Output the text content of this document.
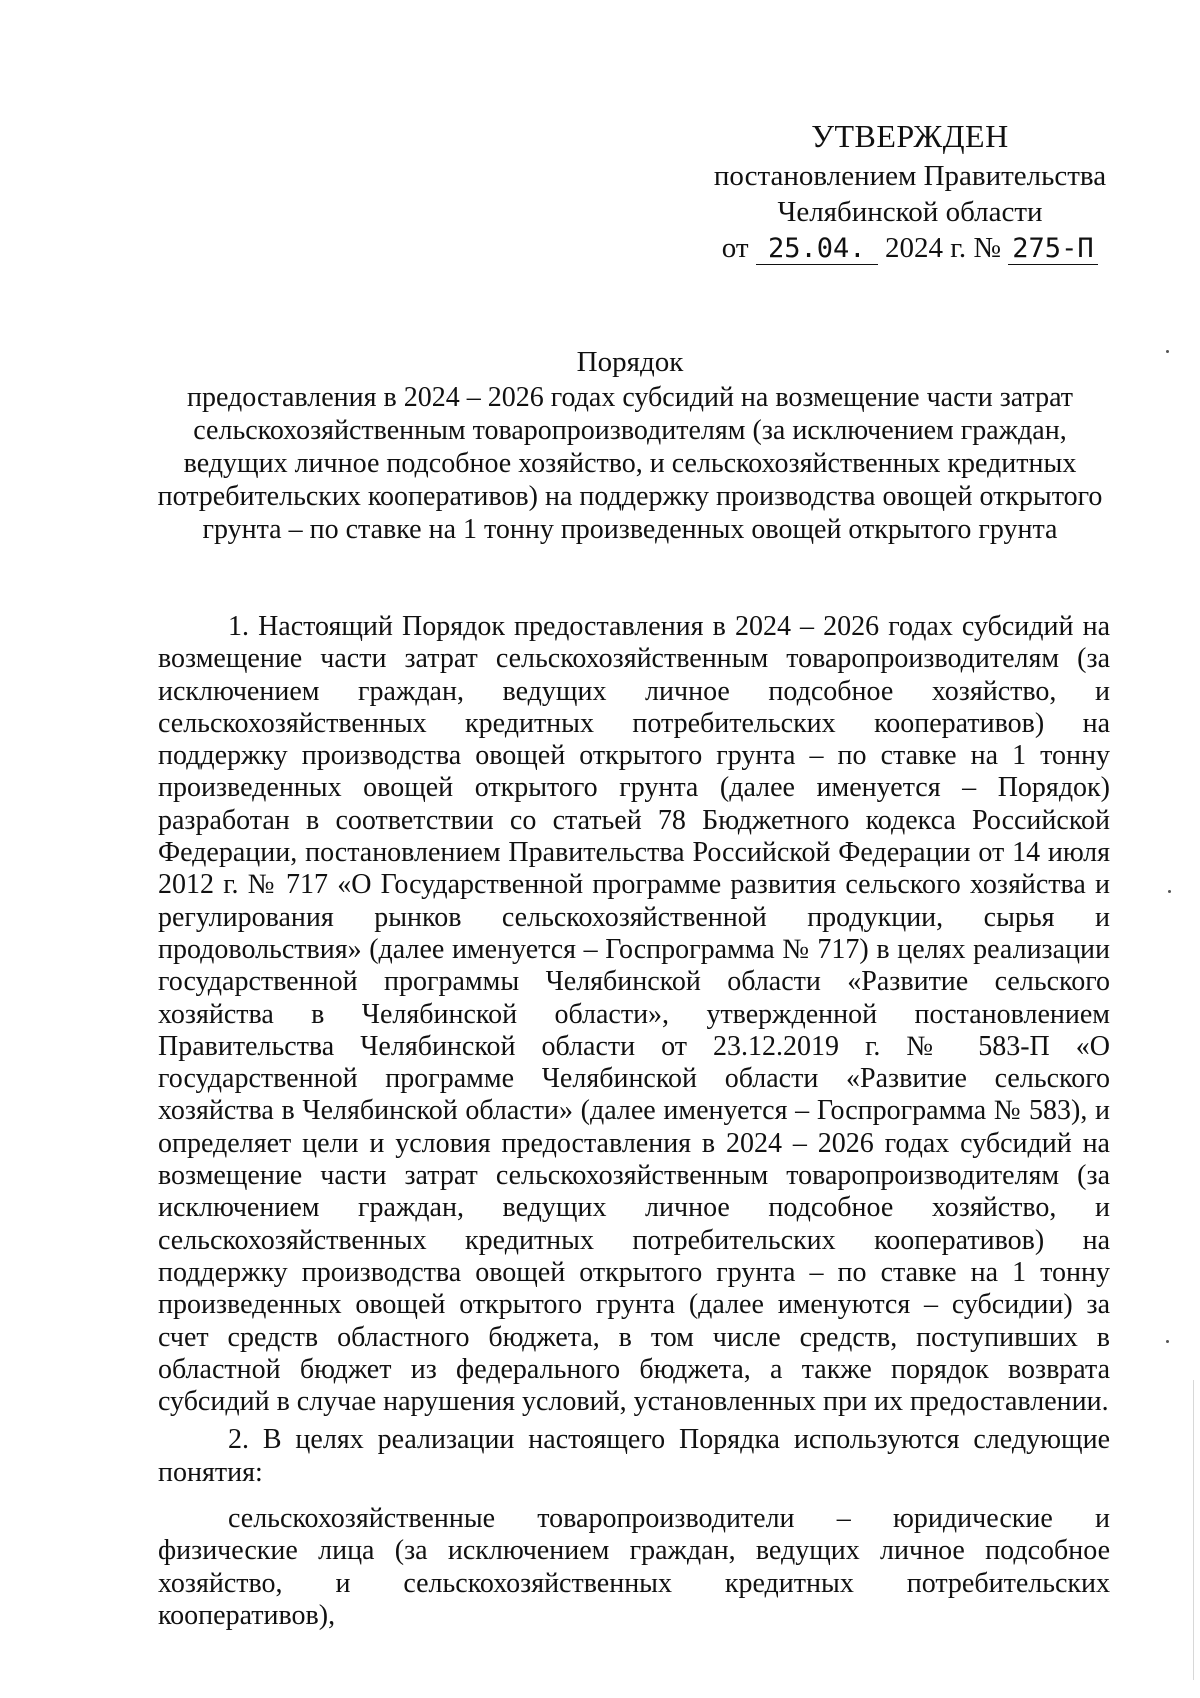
УТВЕРЖДЕН
постановлением Правительства
Челябинской области
от 25.04. 2024 г. № 275-П
Порядок
предоставления в 2024 – 2026 годах субсидий на возмещение части затрат
сельскохозяйственным товаропроизводителям (за исключением граждан,
ведущих личное подсобное хозяйство, и сельскохозяйственных кредитных
потребительских кооперативов) на поддержку производства овощей открытого
грунта – по ставке на 1 тонну произведенных овощей открытого грунта

1. Настоящий Порядок предоставления в 2024 – 2026 годах субсидий на возмещение части затрат сельскохозяйственным товаропроизводителям (за исключением граждан, ведущих личное подсобное хозяйство, и сельскохозяйственных кредитных потребительских кооперативов) на поддержку производства овощей открытого грунта – по ставке на 1 тонну произведенных овощей открытого грунта (далее именуется – Порядок) разработан в соответствии со статьей 78 Бюджетного кодекса Российской Федерации, постановлением Правительства Российской Федерации от 14 июля 2012 г. № 717 «О Государственной программе развития сельского хозяйства и регулирования рынков сельскохозяйственной продукции, сырья и продовольствия» (далее именуется – Госпрограмма № 717) в целях реализации государственной программы Челябинской области «Развитие сельского хозяйства в Челябинской области», утвержденной постановлением Правительства Челябинской области от 23.12.2019 г. № 583-П «О государственной программе Челябинской области «Развитие сельского хозяйства в Челябинской области» (далее именуется – Госпрограмма № 583), и определяет цели и условия предоставления в 2024 – 2026 годах субсидий на возмещение части затрат сельскохозяйственным товаропроизводителям (за исключением граждан, ведущих личное подсобное хозяйство, и сельскохозяйственных кредитных потребительских кооперативов) на поддержку производства овощей открытого грунта – по ставке на 1 тонну произведенных овощей открытого грунта (далее именуются – субсидии) за счет средств областного бюджета, в том числе средств, поступивших в областной бюджет из федерального бюджета, а также порядок возврата субсидий в случае нарушения условий, установленных при их предоставлении.

2. В целях реализации настоящего Порядка используются следующие понятия:

сельскохозяйственные товаропроизводители – юридические и физические лица (за исключением граждан, ведущих личное подсобное хозяйство, и сельскохозяйственных кредитных потребительских кооперативов),
